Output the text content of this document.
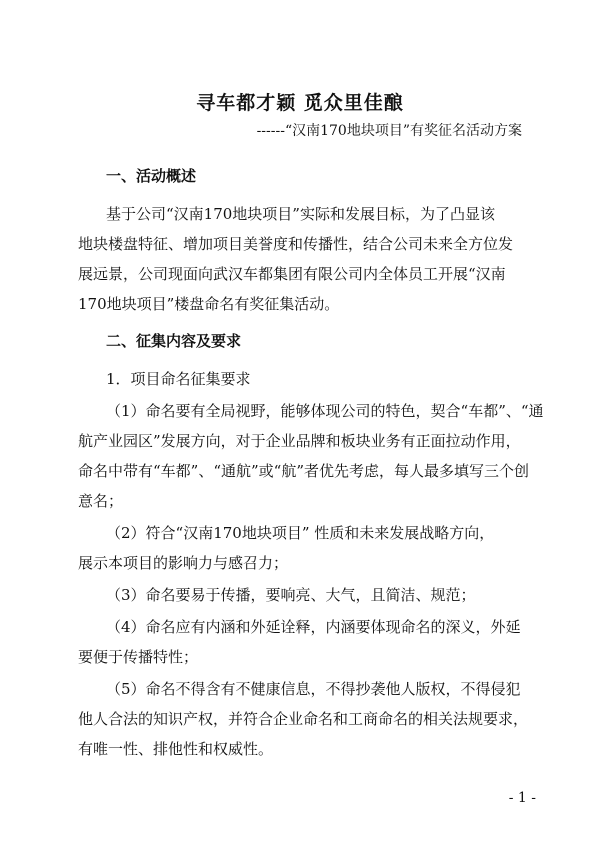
寻车都才颖 觅众里佳酿
------“汉南170地块项目”有奖征名活动方案
一、活动概述
基于公司“汉南170地块项目”实际和发展目标，为了凸显该
地块楼盘特征、增加项目美誉度和传播性，结合公司未来全方位发
展远景，公司现面向武汉车都集团有限公司内全体员工开展“汉南
170地块项目”楼盘命名有奖征集活动。
二、征集内容及要求
1．项目命名征集要求
（1）命名要有全局视野，能够体现公司的特色，契合“车都”、“通
航产业园区”发展方向，对于企业品牌和板块业务有正面拉动作用，
命名中带有“车都”、“通航”或“航”者优先考虑，每人最多填写三个创
意名；
（2）符合“汉南170地块项目” 性质和未来发展战略方向，
展示本项目的影响力与感召力；
（3）命名要易于传播，要响亮、大气，且简洁、规范；
（4）命名应有内涵和外延诠释，内涵要体现命名的深义，外延
要便于传播特性；
（5）命名不得含有不健康信息，不得抄袭他人版权，不得侵犯
他人合法的知识产权，并符合企业命名和工商命名的相关法规要求，
有唯一性、排他性和权威性。
- 1 -
